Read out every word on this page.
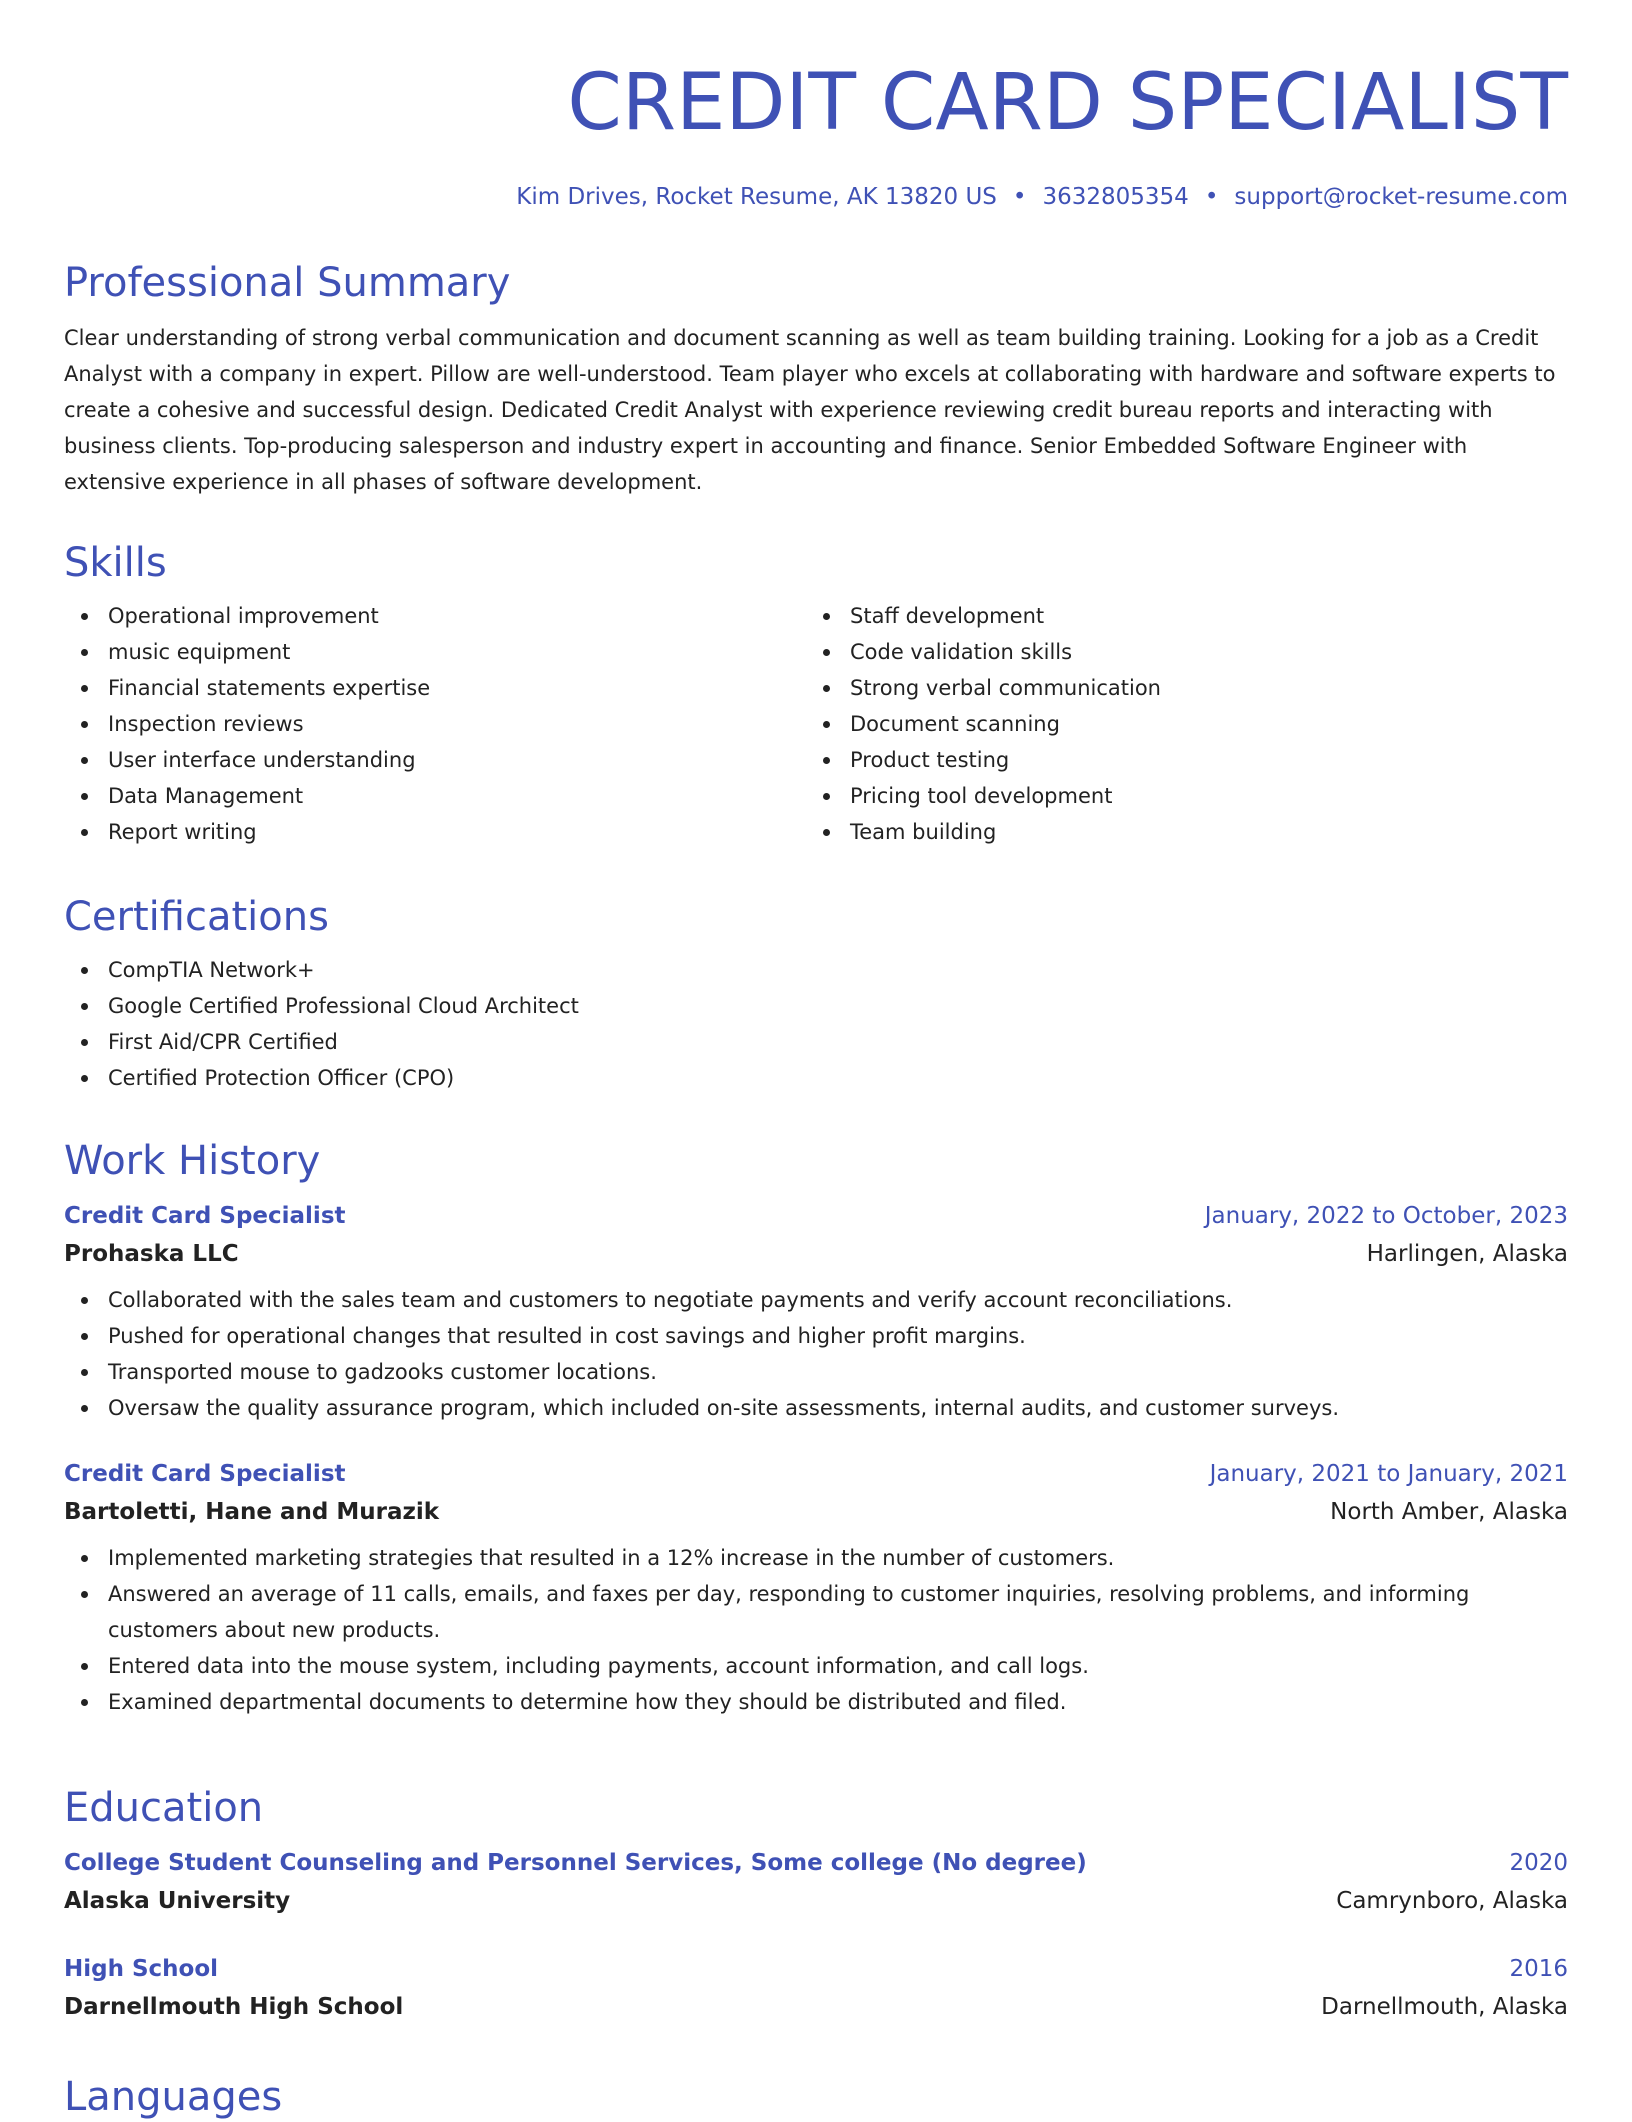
CREDIT CARD SPECIALIST
Kim Drives, Rocket Resume, AK 13820 US • 3632805354 • support@rocket-resume.com
Professional Summary
Clear understanding of strong verbal communication and document scanning as well as team building training. Looking for a job as a Credit Analyst with a company in expert. Pillow are well-understood. Team player who excels at collaborating with hardware and software experts to create a cohesive and successful design. Dedicated Credit Analyst with experience reviewing credit bureau reports and interacting with business clients. Top-producing salesperson and industry expert in accounting and finance. Senior Embedded Software Engineer with extensive experience in all phases of software development.
Skills
Operational improvement
music equipment
Financial statements expertise
Inspection reviews
User interface understanding
Data Management
Report writing
Staff development
Code validation skills
Strong verbal communication
Document scanning
Product testing
Pricing tool development
Team building
Certifications
CompTIA Network+
Google Certified Professional Cloud Architect
First Aid/CPR Certified
Certified Protection Officer (CPO)
Work History
Credit Card Specialist	January, 2022 to October, 2023
Prohaska LLC	Harlingen, Alaska
Collaborated with the sales team and customers to negotiate payments and verify account reconciliations.
Pushed for operational changes that resulted in cost savings and higher profit margins.
Transported mouse to gadzooks customer locations.
Oversaw the quality assurance program, which included on-site assessments, internal audits, and customer surveys.
Credit Card Specialist	January, 2021 to January, 2021
Bartoletti, Hane and Murazik	North Amber, Alaska
Implemented marketing strategies that resulted in a 12% increase in the number of customers.
Answered an average of 11 calls, emails, and faxes per day, responding to customer inquiries, resolving problems, and informing customers about new products.
Entered data into the mouse system, including payments, account information, and call logs.
Examined departmental documents to determine how they should be distributed and filed.
Education
College Student Counseling and Personnel Services, Some college (No degree)	2020
Alaska University	Camrynboro, Alaska
High School	2016
Darnellmouth High School	Darnellmouth, Alaska
Languages
